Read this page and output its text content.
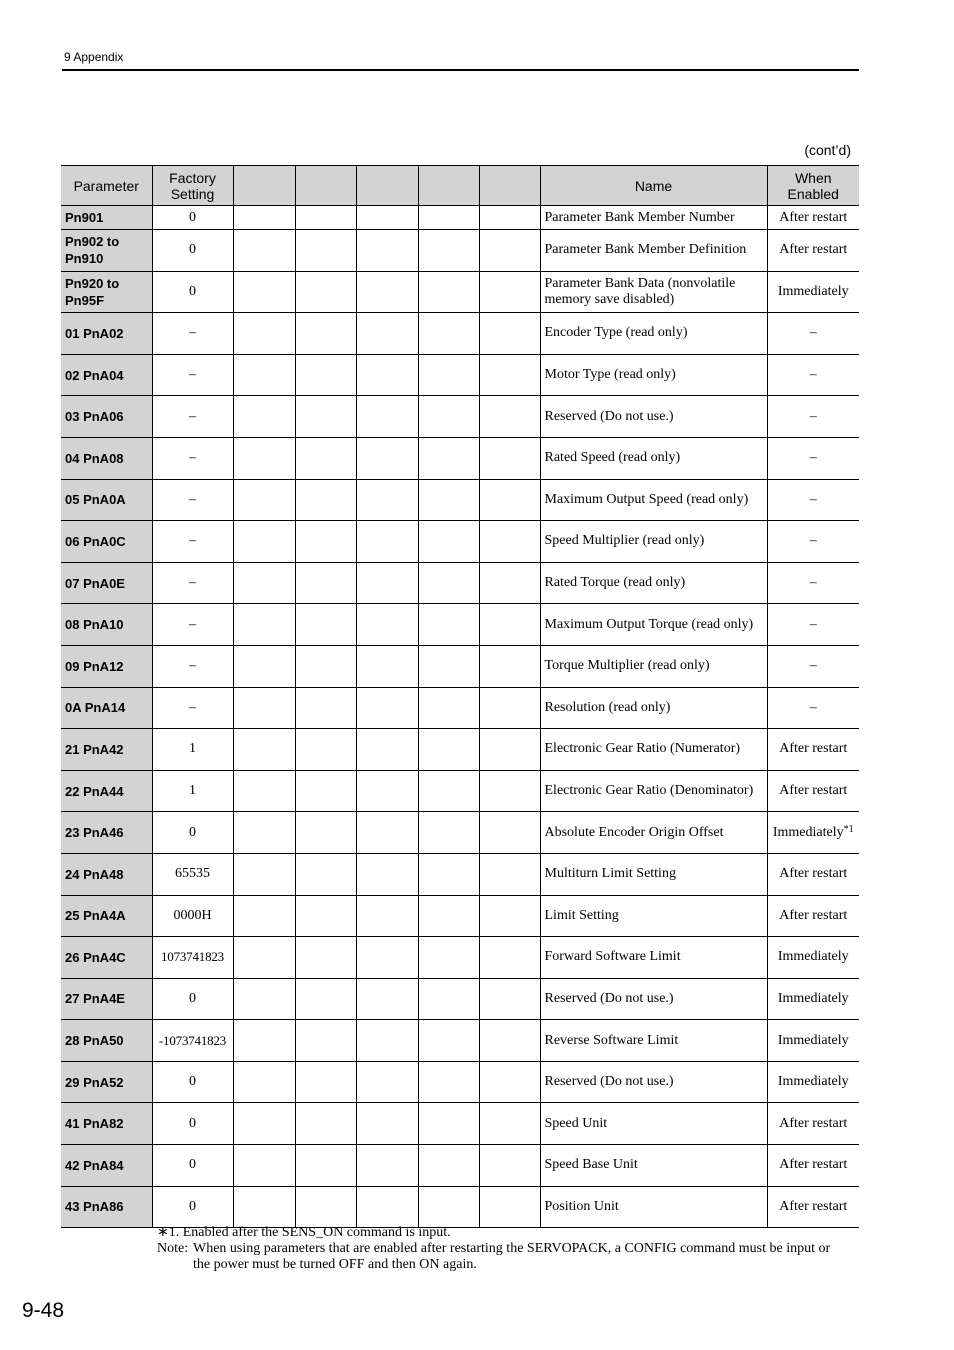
9 Appendix
(cont’d)
Parameter	Factory Setting						Name	When Enabled
Pn901	0						Parameter Bank Member Number	After restart
Pn902 to Pn910	0						Parameter Bank Member Definition	After restart
Pn920 to Pn95F	0						Parameter Bank Data (nonvolatile memory save disabled)	Immediately
01 PnA02	–						Encoder Type (read only)	–
02 PnA04	–						Motor Type (read only)	–
03 PnA06	–						Reserved (Do not use.)	–
04 PnA08	–						Rated Speed (read only)	–
05 PnA0A	–						Maximum Output Speed (read only)	–
06 PnA0C	–						Speed Multiplier (read only)	–
07 PnA0E	–						Rated Torque (read only)	–
08 PnA10	–						Maximum Output Torque (read only)	–
09 PnA12	–						Torque Multiplier (read only)	–
0A PnA14	–						Resolution (read only)	–
21 PnA42	1						Electronic Gear Ratio (Numerator)	After restart
22 PnA44	1						Electronic Gear Ratio (Denominator)	After restart
23 PnA46	0						Absolute Encoder Origin Offset	Immediately$^{*1}$
24 PnA48	65535						Multiturn Limit Setting	After restart
25 PnA4A	0000H						Limit Setting	After restart
26 PnA4C	1073741823						Forward Software Limit	Immediately
27 PnA4E	0						Reserved (Do not use.)	Immediately
28 PnA50	-1073741823						Reverse Software Limit	Immediately
29 PnA52	0						Reserved (Do not use.)	Immediately
41 PnA82	0						Speed Unit	After restart
42 PnA84	0						Speed Base Unit	After restart
43 PnA86	0						Position Unit	After restart
∗1. Enabled after the SENS_ON command is input.
Note: When using parameters that are enabled after restarting the SERVOPACK, a CONFIG command must be input or
the power must be turned OFF and then ON again.
9-48
